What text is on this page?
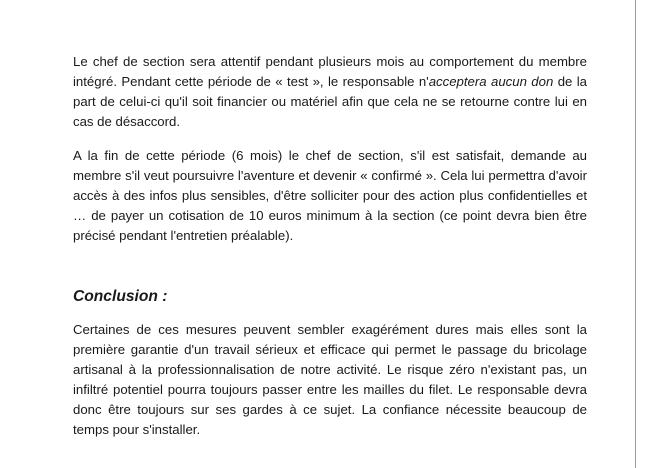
Le chef de section sera attentif pendant plusieurs mois au comportement du membre intégré. Pendant cette période de « test », le responsable n'acceptera aucun don de la part de celui-ci qu'il soit financier ou matériel afin que cela ne se retourne contre lui en cas de désaccord.

A la fin de cette période (6 mois) le chef de section, s'il est satisfait, demande au membre s'il veut poursuivre l'aventure et devenir « confirmé ». Cela lui permettra d'avoir accès à des infos plus sensibles, d'être solliciter pour des action plus confidentielles et … de payer un cotisation de 10 euros minimum à la section (ce point devra bien être précisé pendant l'entretien préalable).

Conclusion :

Certaines de ces mesures peuvent sembler exagérément dures mais elles sont la première garantie d'un travail sérieux et efficace qui permet le passage du bricolage artisanal à la professionnalisation de notre activité. Le risque zéro n'existant pas, un infiltré potentiel pourra toujours passer entre les mailles du filet. Le responsable devra donc être toujours sur ses gardes à ce sujet. La confiance nécessite beaucoup de temps pour s'installer.
